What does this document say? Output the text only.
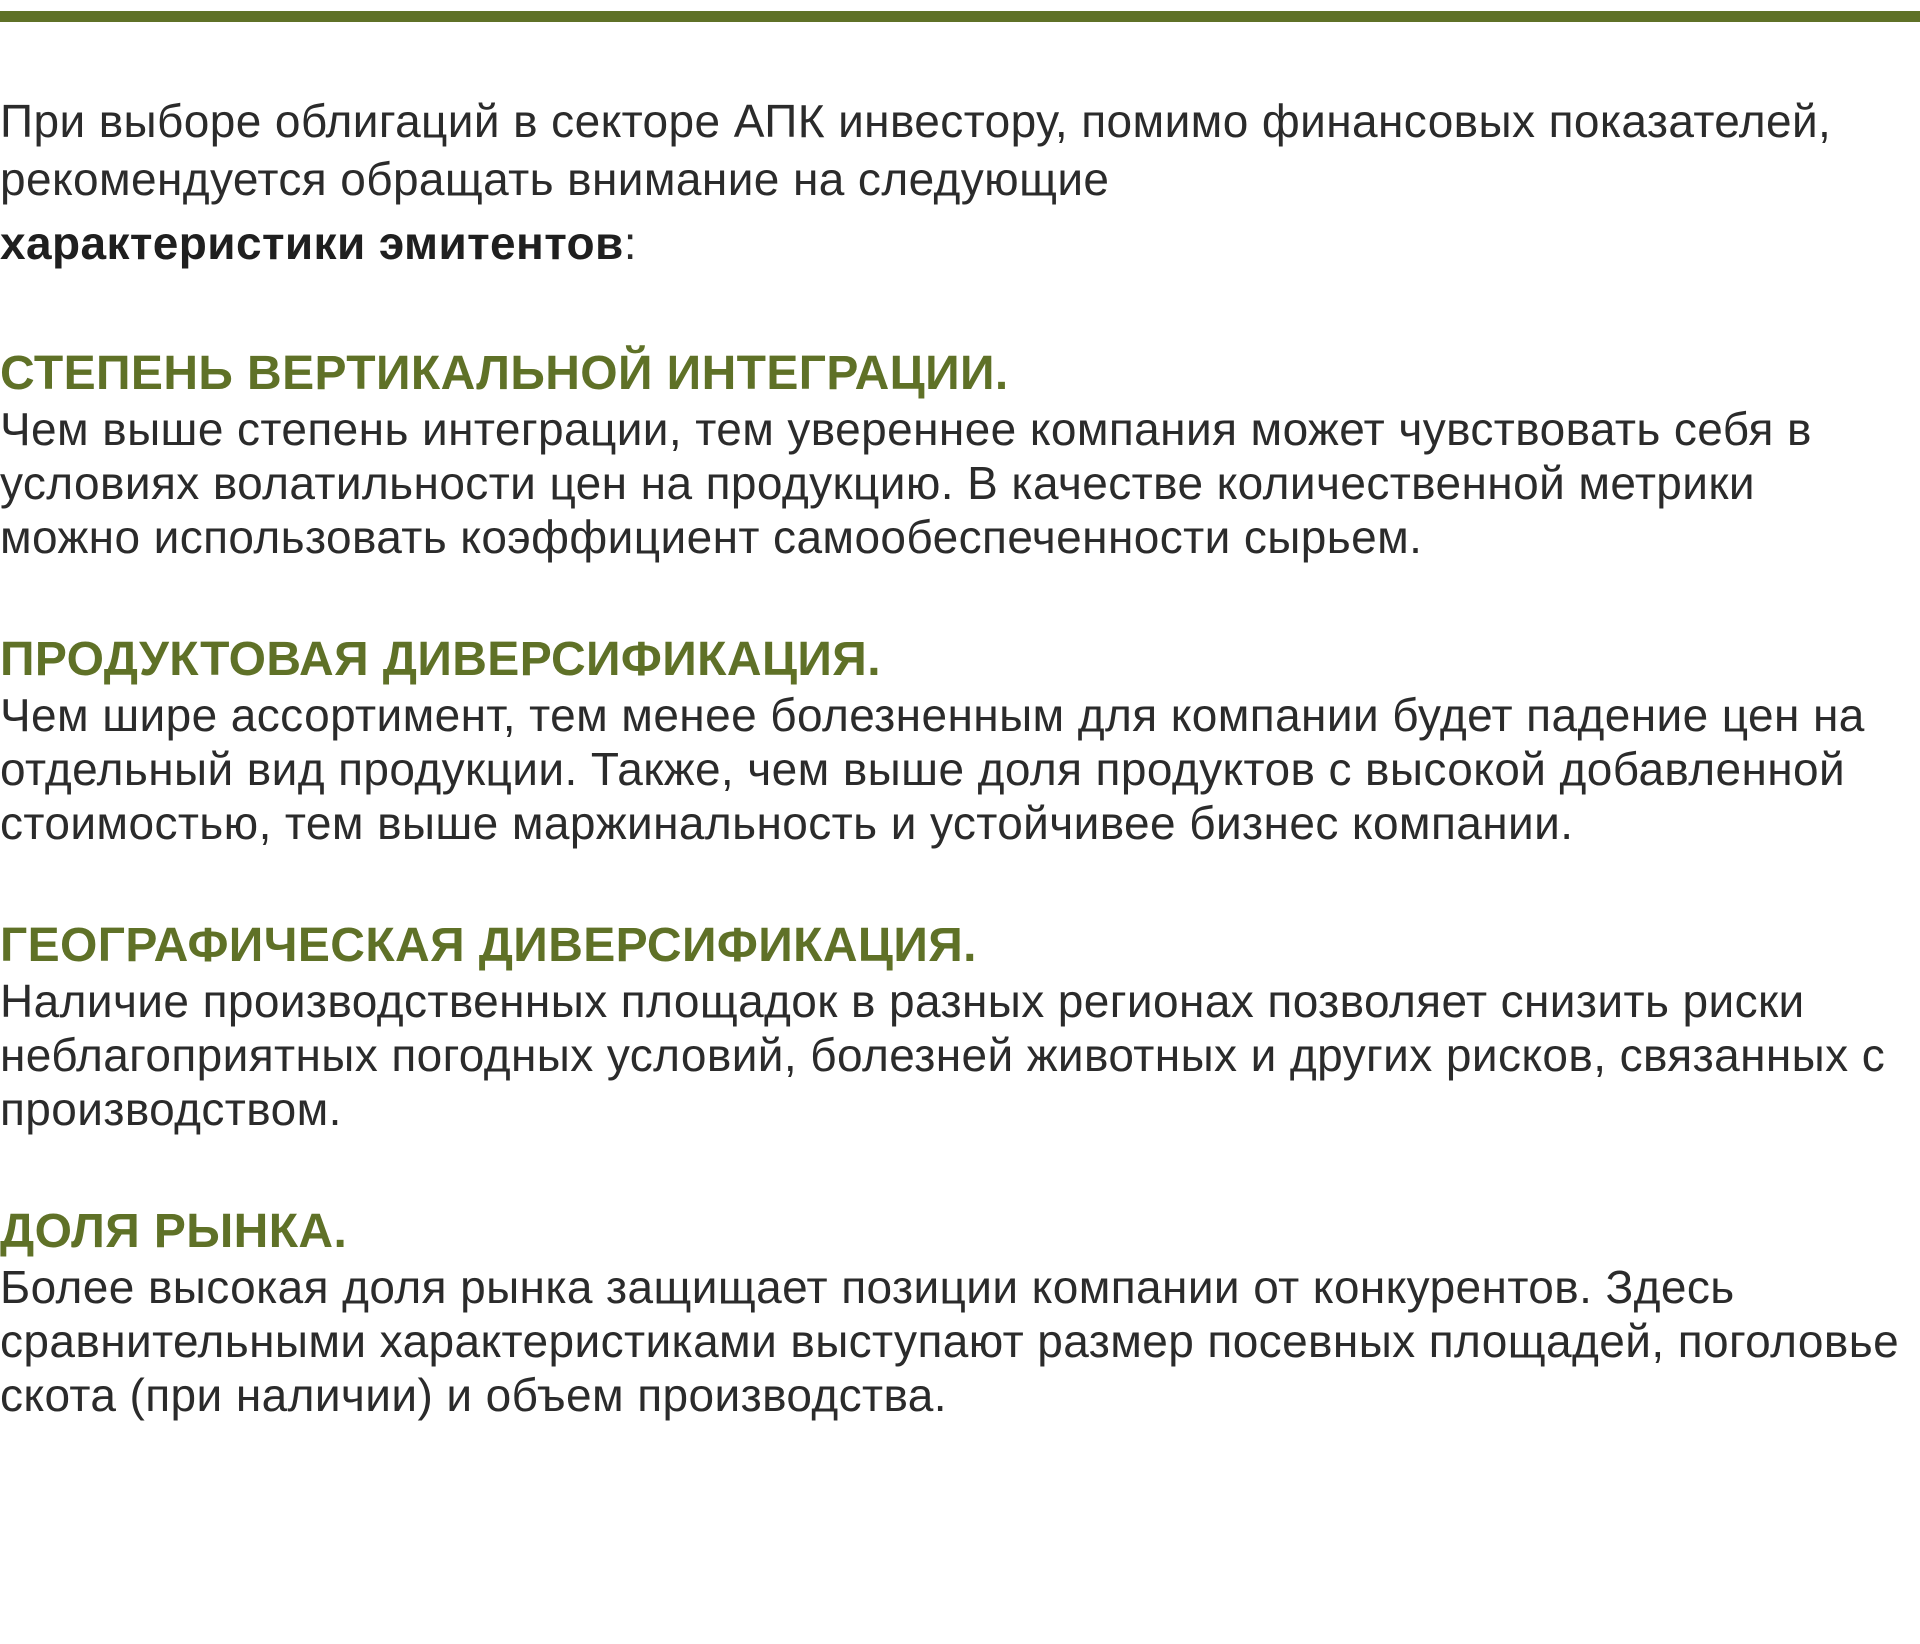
При выборе облигаций в секторе АПК инвестору, помимо финансовых показателей, рекомендуется обращать внимание на следующие
характеристики эмитентов:

СТЕПЕНЬ ВЕРТИКАЛЬНОЙ ИНТЕГРАЦИИ.

Чем выше степень интеграции, тем увереннее компания может чувствовать себя в условиях волатильности цен на продукцию. В качестве количественной метрики можно использовать коэффициент самообеспеченности сырьем.

ПРОДУКТОВАЯ ДИВЕРСИФИКАЦИЯ.

Чем шире ассортимент, тем менее болезненным для компании будет падение цен на отдельный вид продукции. Также, чем выше доля продуктов с высокой добавленной стоимостью, тем выше маржинальность и устойчивее бизнес компании.

ГЕОГРАФИЧЕСКАЯ ДИВЕРСИФИКАЦИЯ.

Наличие производственных площадок в разных регионах позволяет снизить риски неблагоприятных погодных условий, болезней животных и других рисков, связанных с производством.

ДОЛЯ РЫНКА.

Более высокая доля рынка защищает позиции компании от конкурентов. Здесь сравнительными характеристиками выступают размер посевных площадей, поголовье скота (при наличии) и объем производства.
